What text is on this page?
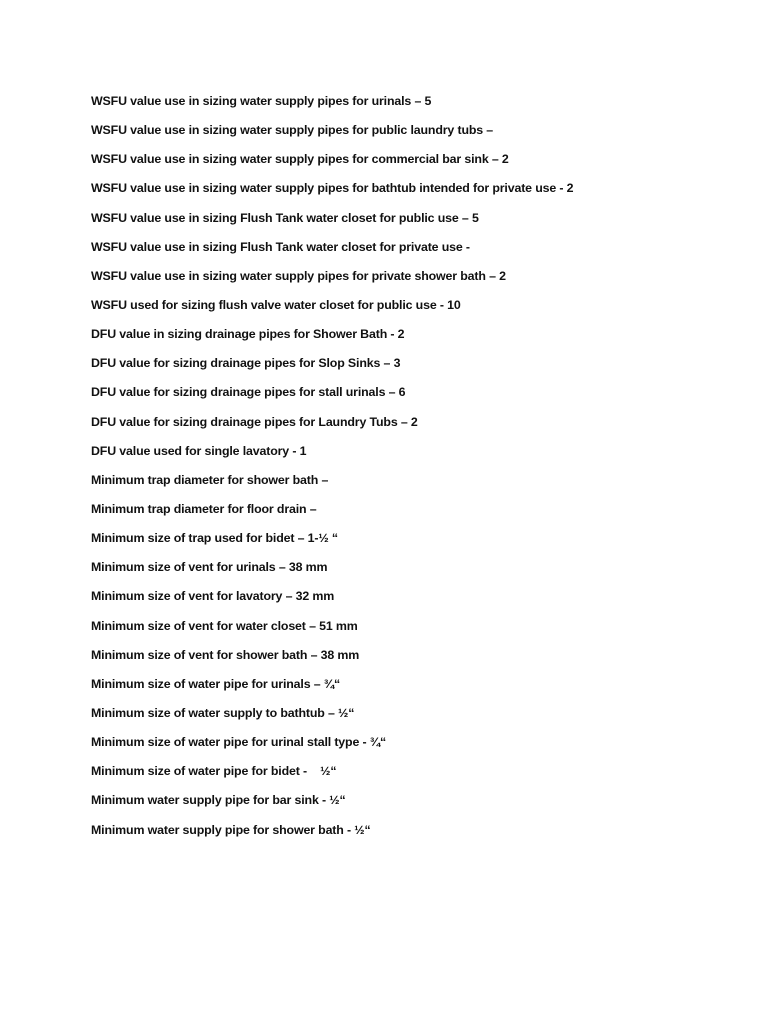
WSFU value use in sizing water supply pipes for urinals – 5
WSFU value use in sizing water supply pipes for public laundry tubs –
WSFU value use in sizing water supply pipes for commercial bar sink – 2
WSFU value use in sizing water supply pipes for bathtub intended for private use - 2
WSFU value use in sizing Flush Tank water closet for public use – 5
WSFU value use in sizing Flush Tank water closet for private use -
WSFU value use in sizing water supply pipes for private shower bath – 2
WSFU used for sizing flush valve water closet for public use - 10
DFU value in sizing drainage pipes for Shower Bath - 2
DFU value for sizing drainage pipes for Slop Sinks – 3
DFU value for sizing drainage pipes for stall urinals – 6
DFU value for sizing drainage pipes for Laundry Tubs – 2
DFU value used for single lavatory - 1
Minimum trap diameter for shower bath –
Minimum trap diameter for floor drain –
Minimum size of trap used for bidet – 1-½ “
Minimum size of vent for urinals – 38 mm
Minimum size of vent for lavatory – 32 mm
Minimum size of vent for water closet – 51 mm
Minimum size of vent for shower bath – 38 mm
Minimum size of water pipe for urinals – ¾“
Minimum size of water supply to bathtub – ½“
Minimum size of water pipe for urinal stall type - ¾“
Minimum size of water pipe for bidet -    ½“
Minimum water supply pipe for bar sink - ½“
Minimum water supply pipe for shower bath - ½“
